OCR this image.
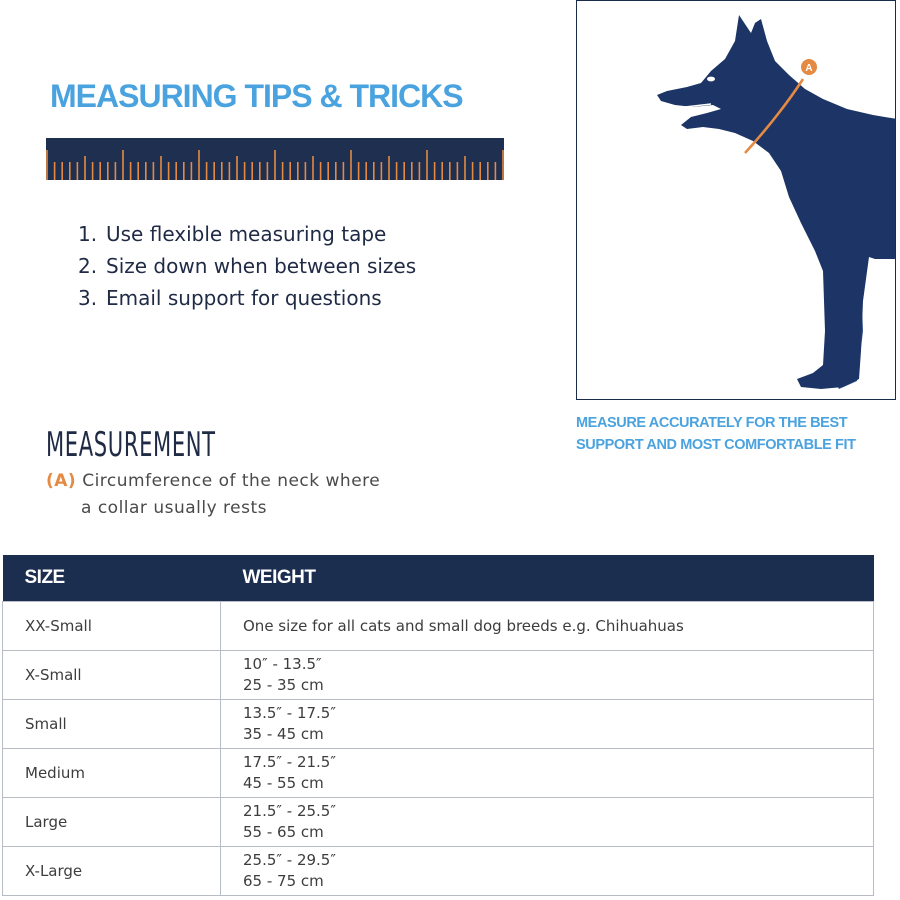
MEASURING TIPS & TRICKS
1. Use flexible measuring tape
2. Size down when between sizes
3. Email support for questions
A
MEASURE ACCURATELY FOR THE BEST
SUPPORT AND MOST COMFORTABLE FIT
MEASUREMENT
(A) Circumference of the neck where
a collar usually rests
SIZE	WEIGHT
XX-Small	One size for all cats and small dog breeds e.g. Chihuahuas

X-Small	10″ - 13.5″
25 - 35 cm

Small	13.5″ - 17.5″
35 - 45 cm

Medium	17.5″ - 21.5″
45 - 55 cm

Large	21.5″ - 25.5″
55 - 65 cm

X-Large	25.5″ - 29.5″
65 - 75 cm
